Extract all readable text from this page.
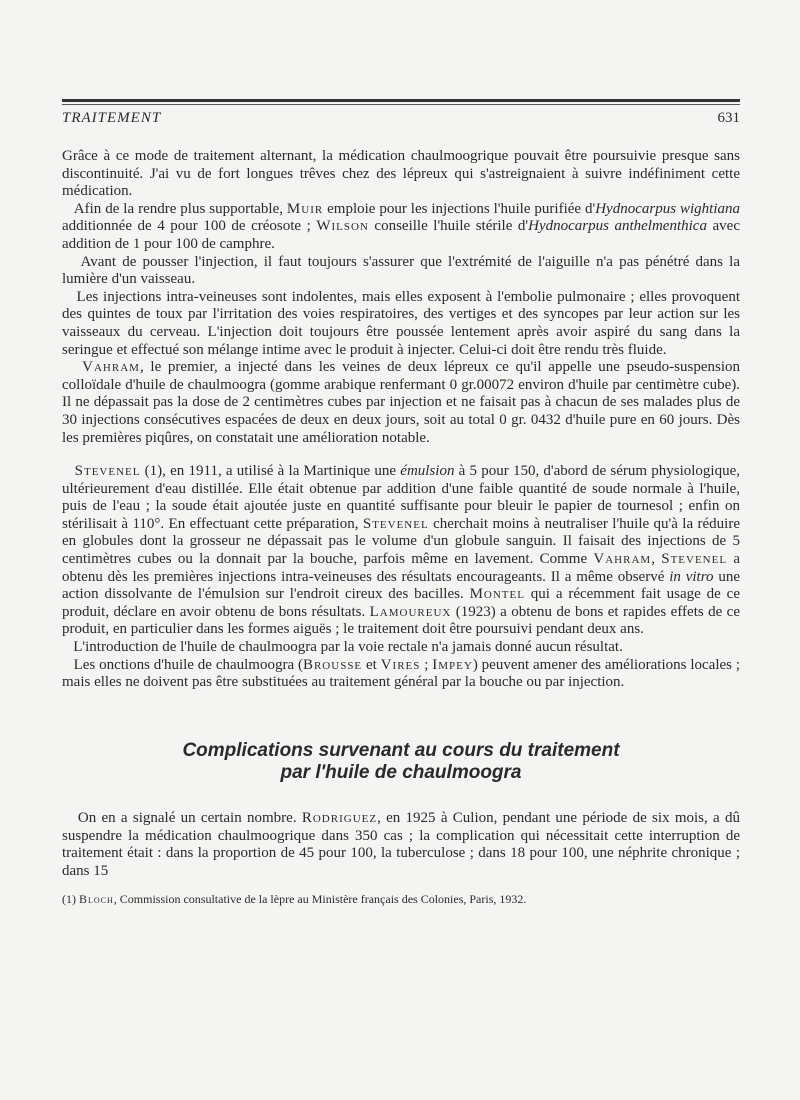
TRAITEMENT	631

Grâce à ce mode de traitement alternant, la médication chaulmoogrique pouvait être poursuivie presque sans discontinuité. J'ai vu de fort longues trêves chez des lépreux qui s'astreignaient à suivre indéfiniment cette médication.

Afin de la rendre plus supportable, Muir emploie pour les injections l'huile purifiée d'Hydnocarpus wightiana additionnée de 4 pour 100 de créosote ; Wilson conseille l'huile stérile d'Hydnocarpus anthelmenthica avec addition de 1 pour 100 de camphre.

Avant de pousser l'injection, il faut toujours s'assurer que l'extrémité de l'aiguille n'a pas pénétré dans la lumière d'un vaisseau.

Les injections intra-veineuses sont indolentes, mais elles exposent à l'embolie pulmonaire ; elles provoquent des quintes de toux par l'irritation des voies respiratoires, des vertiges et des syncopes par leur action sur les vaisseaux du cerveau. L'injection doit toujours être poussée lentement après avoir aspiré du sang dans la seringue et effectué son mélange intime avec le produit à injecter. Celui-ci doit être rendu très fluide.

Vahram, le premier, a injecté dans les veines de deux lépreux ce qu'il appelle une pseudo-suspension colloïdale d'huile de chaulmoogra (gomme arabique renfermant 0 gr.00072 environ d'huile par centimètre cube). Il ne dépassait pas la dose de 2 centimètres cubes par injection et ne faisait pas à chacun de ses malades plus de 30 injections consécutives espacées de deux en deux jours, soit au total 0 gr. 0432 d'huile pure en 60 jours. Dès les premières piqûres, on constatait une amélioration notable.

Stevenel (1), en 1911, a utilisé à la Martinique une émulsion à 5 pour 150, d'abord de sérum physiologique, ultérieurement d'eau distillée. Elle était obtenue par addition d'une faible quantité de soude normale à l'huile, puis de l'eau ; la soude était ajoutée juste en quantité suffisante pour bleuir le papier de tournesol ; enfin on stérilisait à 110°. En effectuant cette préparation, Stevenel cherchait moins à neutraliser l'huile qu'à la réduire en globules dont la grosseur ne dépassait pas le volume d'un globule sanguin. Il faisait des injections de 5 centimètres cubes ou la donnait par la bouche, parfois même en lavement. Comme Vahram, Stevenel a obtenu dès les premières injections intra-veineuses des résultats encourageants. Il a même observé in vitro une action dissolvante de l'émulsion sur l'endroit cireux des bacilles. Montel qui a récemment fait usage de ce produit, déclare en avoir obtenu de bons résultats. Lamoureux (1923) a obtenu de bons et rapides effets de ce produit, en particulier dans les formes aiguës ; le traitement doit être poursuivi pendant deux ans.

L'introduction de l'huile de chaulmoogra par la voie rectale n'a jamais donné aucun résultat.

Les onctions d'huile de chaulmoogra (Brousse et Vires ; Impey) peuvent amener des améliorations locales ; mais elles ne doivent pas être substituées au traitement général par la bouche ou par injection.

Complications survenant au cours du traitement
par l'huile de chaulmoogra

On en a signalé un certain nombre. Rodriguez, en 1925 à Culion, pendant une période de six mois, a dû suspendre la médication chaulmoogrique dans 350 cas ; la complication qui nécessitait cette interruption de traitement était : dans la proportion de 45 pour 100, la tuberculose ; dans 18 pour 100, une néphrite chronique ; dans 15

(1) Bloch, Commission consultative de la lèpre au Ministère français des Colonies, Paris, 1932.
